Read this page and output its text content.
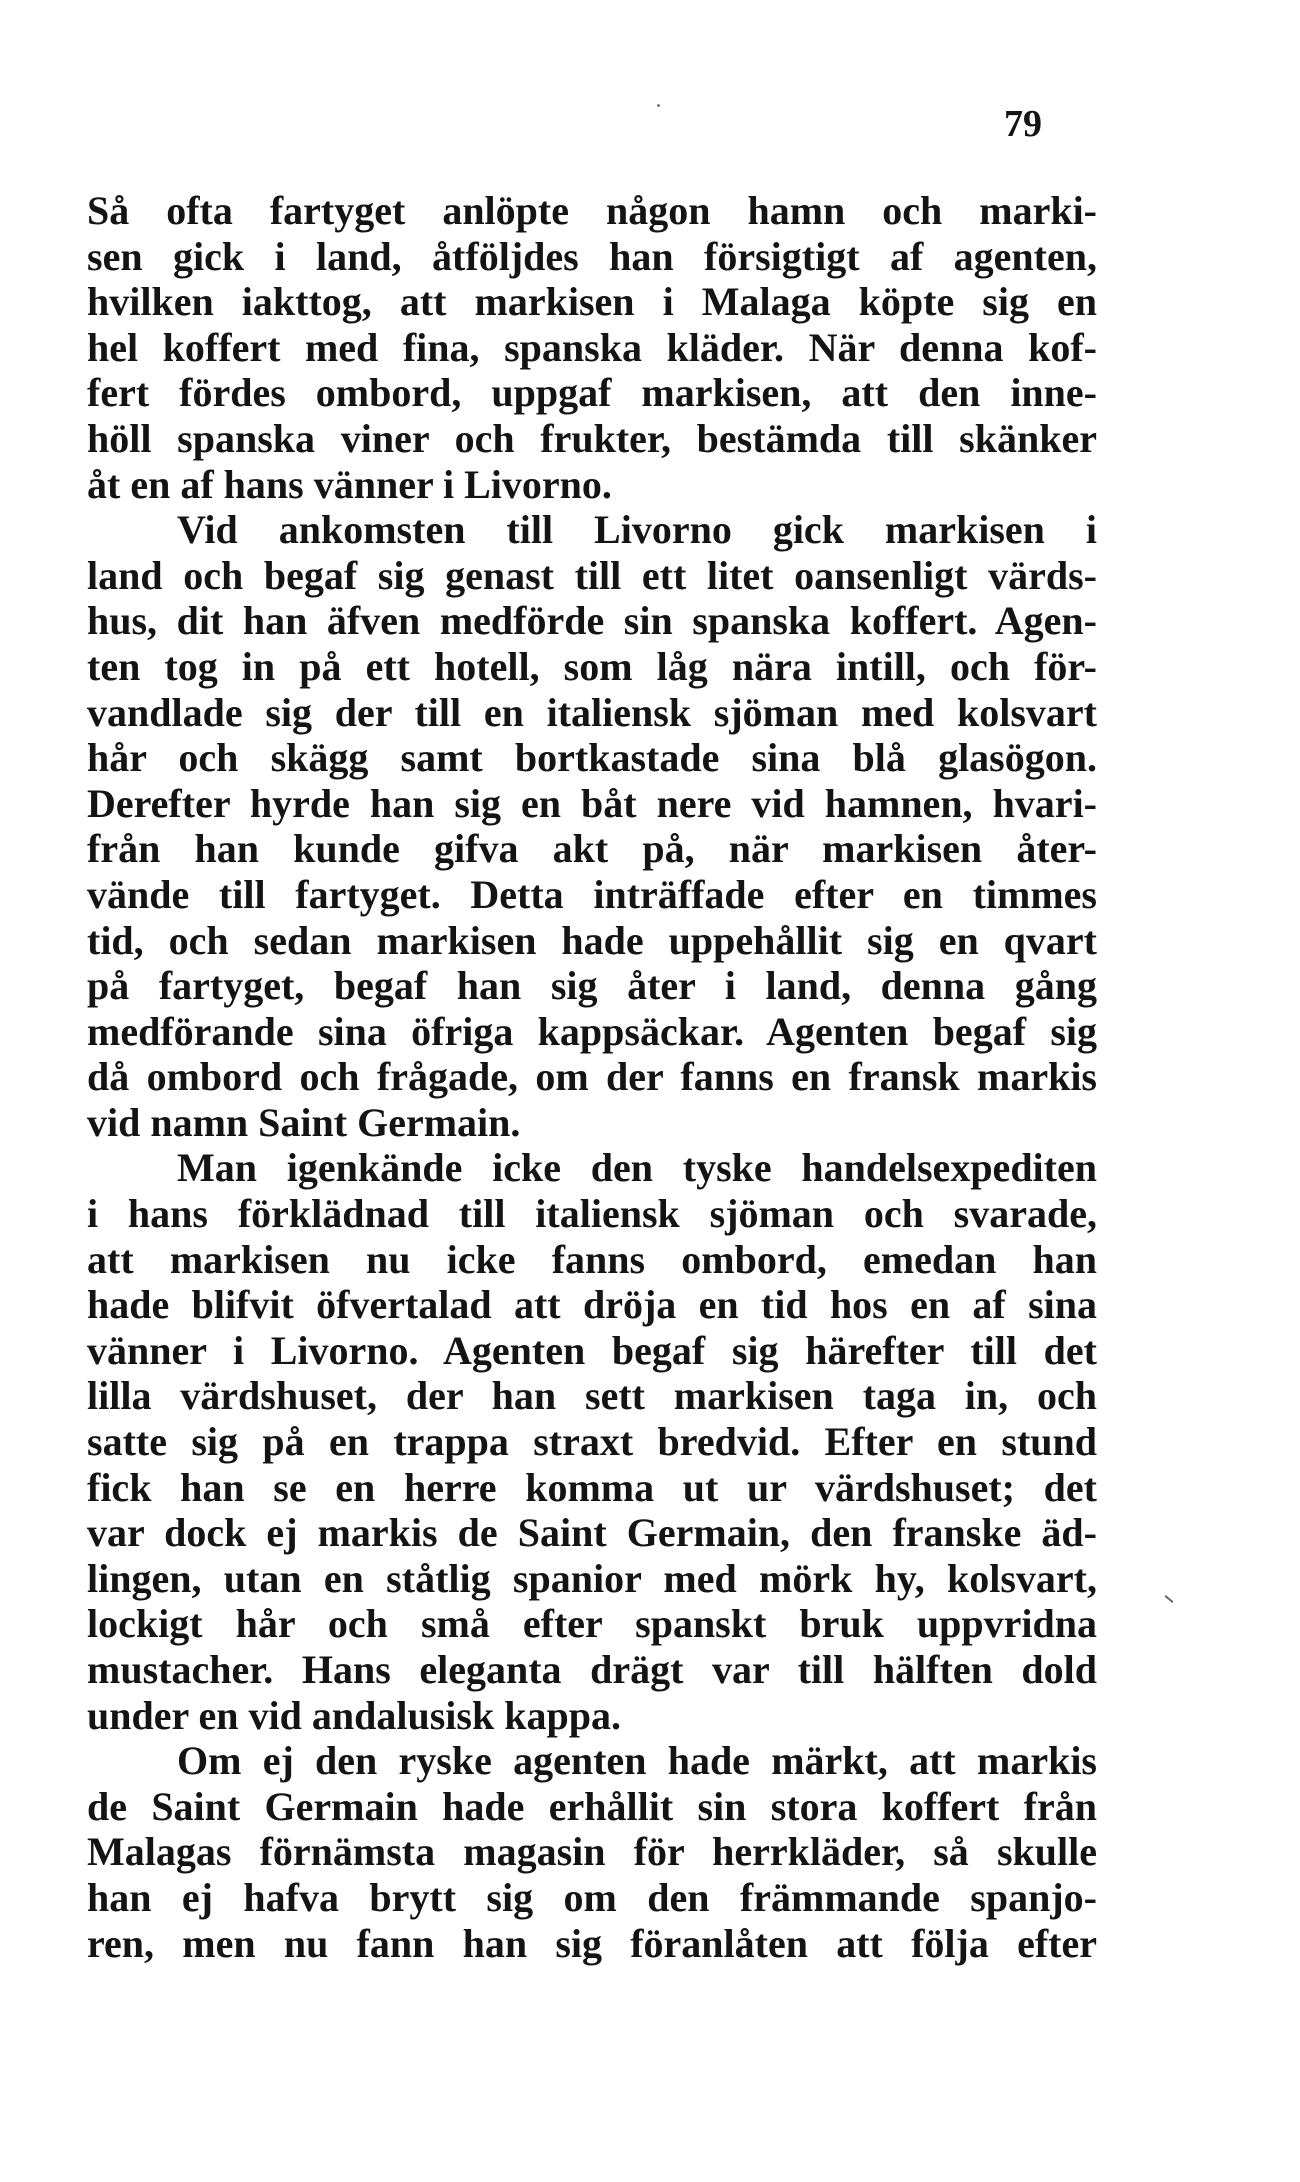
79
Så ofta fartyget anlöpte någon hamn och marki-
sen gick i land, åtföljdes han försigtigt af agenten,
hvilken iakttog, att markisen i Malaga köpte sig en
hel koffert med fina, spanska kläder. När denna kof-
fert fördes ombord, uppgaf markisen, att den inne-
höll spanska viner och frukter, bestämda till skänker
åt en af hans vänner i Livorno.
Vid ankomsten till Livorno gick markisen i
land och begaf sig genast till ett litet oansenligt värds-
hus, dit han äfven medförde sin spanska koffert. Agen-
ten tog in på ett hotell, som låg nära intill, och för-
vandlade sig der till en italiensk sjöman med kolsvart
hår och skägg samt bortkastade sina blå glasögon.
Derefter hyrde han sig en båt nere vid hamnen, hvari-
från han kunde gifva akt på, när markisen åter-
vände till fartyget. Detta inträffade efter en timmes
tid, och sedan markisen hade uppehållit sig en qvart
på fartyget, begaf han sig åter i land, denna gång
medförande sina öfriga kappsäckar. Agenten begaf sig
då ombord och frågade, om der fanns en fransk markis
vid namn Saint Germain.
Man igenkände icke den tyske handelsexpediten
i hans förklädnad till italiensk sjöman och svarade,
att markisen nu icke fanns ombord, emedan han
hade blifvit öfvertalad att dröja en tid hos en af sina
vänner i Livorno. Agenten begaf sig härefter till det
lilla värdshuset, der han sett markisen taga in, och
satte sig på en trappa straxt bredvid. Efter en stund
fick han se en herre komma ut ur värdshuset; det
var dock ej markis de Saint Germain, den franske äd-
lingen, utan en ståtlig spanior med mörk hy, kolsvart,
lockigt hår och små efter spanskt bruk uppvridna
mustacher. Hans eleganta drägt var till hälften dold
under en vid andalusisk kappa.
Om ej den ryske agenten hade märkt, att markis
de Saint Germain hade erhållit sin stora koffert från
Malagas förnämsta magasin för herrkläder, så skulle
han ej hafva brytt sig om den främmande spanjo-
ren, men nu fann han sig föranlåten att följa efter
